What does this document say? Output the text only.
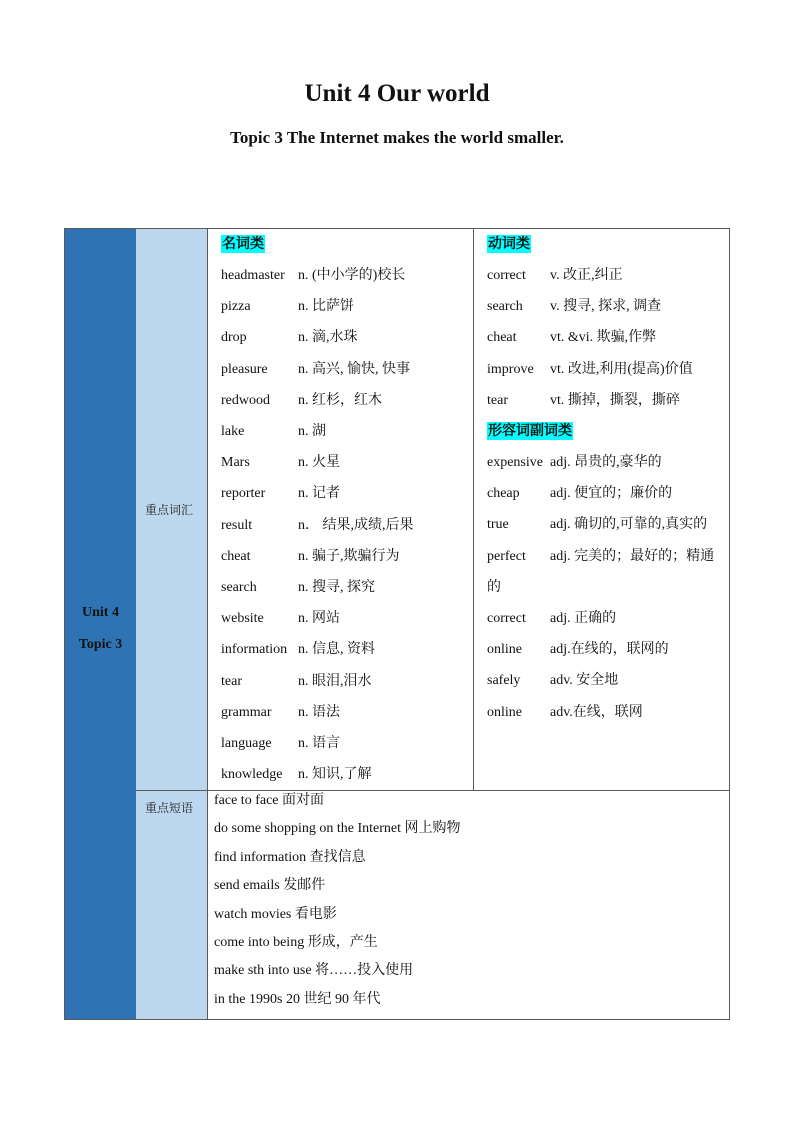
Unit 4 Our world
Topic 3 The Internet makes the world smaller.
Unit 4
Topic 3
重点词汇
重点短语
名词类
headmaster n. (中小学的)校长
pizza	n. 比萨饼
drop	n. 滴,水珠
pleasure n. 高兴, 愉快, 快事
redwood n. 红杉，红木
lake	n. 湖
Mars	n. 火星
reporter n. 记者
result	n． 结果,成绩,后果
cheat	n. 骗子,欺骗行为
search	n. 搜寻, 探究
website n. 网站
information n. 信息, 资料
tear	n. 眼泪,泪水
grammar n. 语法
language n. 语言
knowledge n. 知识,了解
动词类
correct v. 改正,纠正
search v. 搜寻, 探求, 调查
cheat vt. &vi. 欺骗,作弊
improve vt. 改进,利用(提高)价值
tear	vt. 撕掉，撕裂，撕碎
形容词副词类
expensive adj. 昂贵的,豪华的
cheap adj. 便宜的；廉价的
true	adj. 确切的,可靠的,真实的
perfect adj. 完美的；最好的；精通
的
correct adj. 正确的
online adj.在线的，联网的
safely adv. 安全地
online adv.在线，联网
face to face 面对面
do some shopping on the Internet 网上购物
find information 查找信息
send emails 发邮件
watch movies 看电影
come into being 形成，产生
make sth into use 将……投入使用
in the 1990s 20 世纪 90 年代
